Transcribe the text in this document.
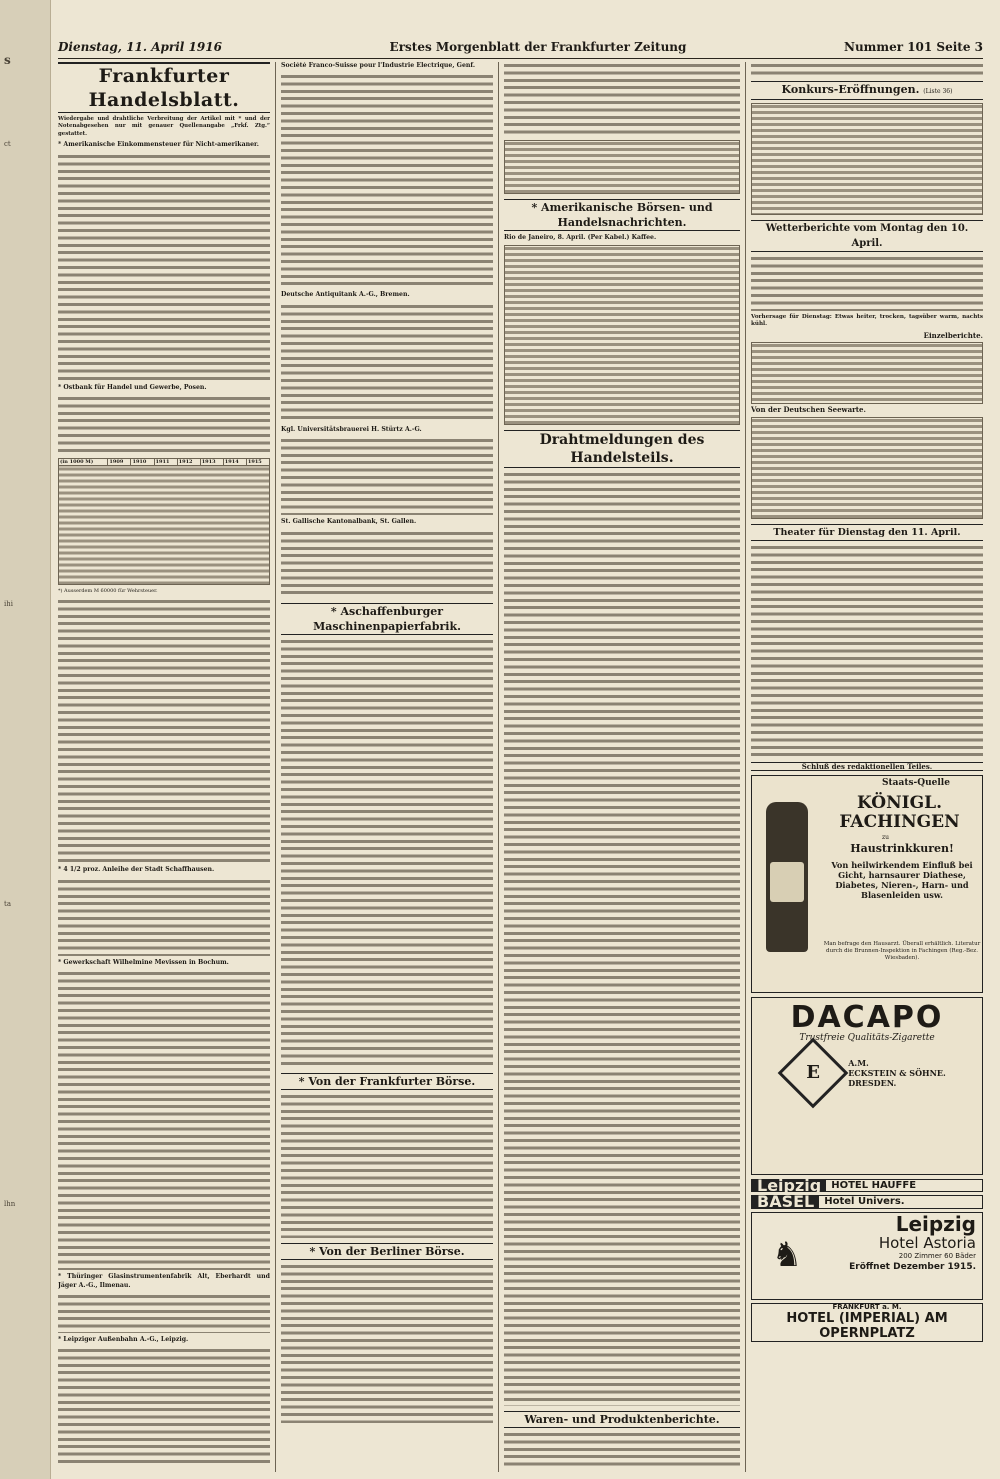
s
ct
ihi
ta
lhn
Dienstag, 11. April 1916	Erstes Morgenblatt der Frankfurter Zeitung	Nummer 101 Seite 3
Frankfurter Handelsblatt.
Wiedergabe und drahtliche Verbreitung der Artikel mit * und der Notenabgesehen nur mit genauer Quellenangabe „Frkf. Ztg.“ gestattet.
* Amerikanische Einkommensteuer für Nicht-amerikaner.
* Ostbank für Handel und Gewerbe, Posen.
(in 1000 M)	1909	1910	1911	1912	1913	1914	1915

*) Ausserdem M 60000 für Wehrsteuer.
* 4 1/2 proz. Anleihe der Stadt Schaffhausen.
* Gewerkschaft Wilhelmine Mevissen in Bochum.
* Thüringer Glasinstrumentenfabrik Alt, Eberhardt und Jäger A.-G., Ilmenau.
* Leipziger Außenbahn A.-G., Leipzig.
Société Franco-Suisse pour l'Industrie Electrique, Genf.
Deutsche Antiquitank A.-G., Bremen.
Kgl. Universitätsbrauerei H. Stürtz A.-G.
St. Gallische Kantonalbank, St. Gallen.
* Aschaffenburger Maschinenpapierfabrik.
* Von der Frankfurter Börse.
* Von der Berliner Börse.
* Amerikanische Börsen- und Handelsnachrichten.
Rio de Janeiro, 8. April. (Per Kabel.) Kaffee.
Drahtmeldungen des Handelsteils.
Waren- und Produktenberichte.
Konkurs-Eröffnungen. (Liste 36)
Wetterberichte vom Montag den 10. April.
Vorhersage für Dienstag: Etwas heiter, trocken, tagsüber warm, nachts kühl.
Einzelberichte.
Von der Deutschen Seewarte.
Theater für Dienstag den 11. April.
Schluß des redaktionellen Teiles.
Staats-Quelle
KÖNIGL. FACHINGEN
zu
Haustrinkkuren!
Von heilwirkendem Einfluß bei Gicht, harnsaurer Diathese, Diabetes, Nieren-, Harn- und Blasenleiden usw.
Man befrage den Hausarzt. Überall erhältlich. Literatur durch die Brunnen-Inspektion in Fachingen (Reg.-Bez. Wiesbaden).
DACAPO
Trustfreie Qualitäts-Zigarette
E	A.M.
ECKSTEIN & SÖHNE.
DRESDEN.
Leipzig	HOTEL HAUFFE
BASEL	Hotel Univers.
♞
Leipzig
Hotel Astoria
200 Zimmer 60 Bäder
Eröffnet Dezember 1915.
FRANKFURT a. M.
HOTEL (IMPERIAL) AM OPERNPLATZ
